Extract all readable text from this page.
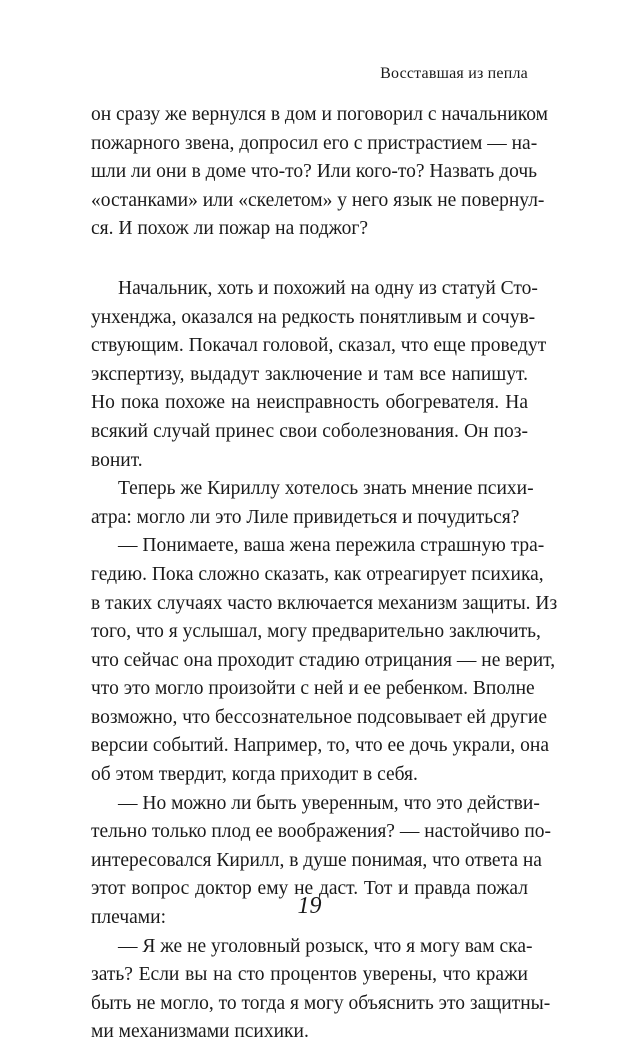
Восставшая из пепла
он сразу же вернулся в дом и поговорил с начальником
пожарного звена, допросил его с пристрастием — на-
шли ли они в доме что-то? Или кого-то? Назвать дочь
«останками» или «скелетом» у него язык не повернул-
ся. И похож ли пожар на поджог?
Начальник, хоть и похожий на одну из статуй Сто-
унхенджа, оказался на редкость понятливым и сочув-
ствующим. Покачал головой, сказал, что еще проведут
экспертизу, выдадут заключение и там все напишут.
Но пока похоже на неисправность обогревателя. На
всякий случай принес свои соболезнования. Он поз-
вонит.
Теперь же Кириллу хотелось знать мнение психи-
атра: могло ли это Лиле привидеться и почудиться?
— Понимаете, ваша жена пережила страшную тра-
гедию. Пока сложно сказать, как отреагирует психика,
в таких случаях часто включается механизм защиты. Из
того, что я услышал, могу предварительно заключить,
что сейчас она проходит стадию отрицания — не верит,
что это могло произойти с ней и ее ребенком. Вполне
возможно, что бессознательное подсовывает ей другие
версии событий. Например, то, что ее дочь украли, она
об этом твердит, когда приходит в себя.
— Но можно ли быть уверенным, что это действи-
тельно только плод ее воображения? — настойчиво по-
интересовался Кирилл, в душе понимая, что ответа на
этот вопрос доктор ему не даст. Тот и правда пожал
плечами:
— Я же не уголовный розыск, что я могу вам ска-
зать? Если вы на сто процентов уверены, что кражи
быть не могло, то тогда я могу объяснить это защитны-
ми механизмами психики.
19
